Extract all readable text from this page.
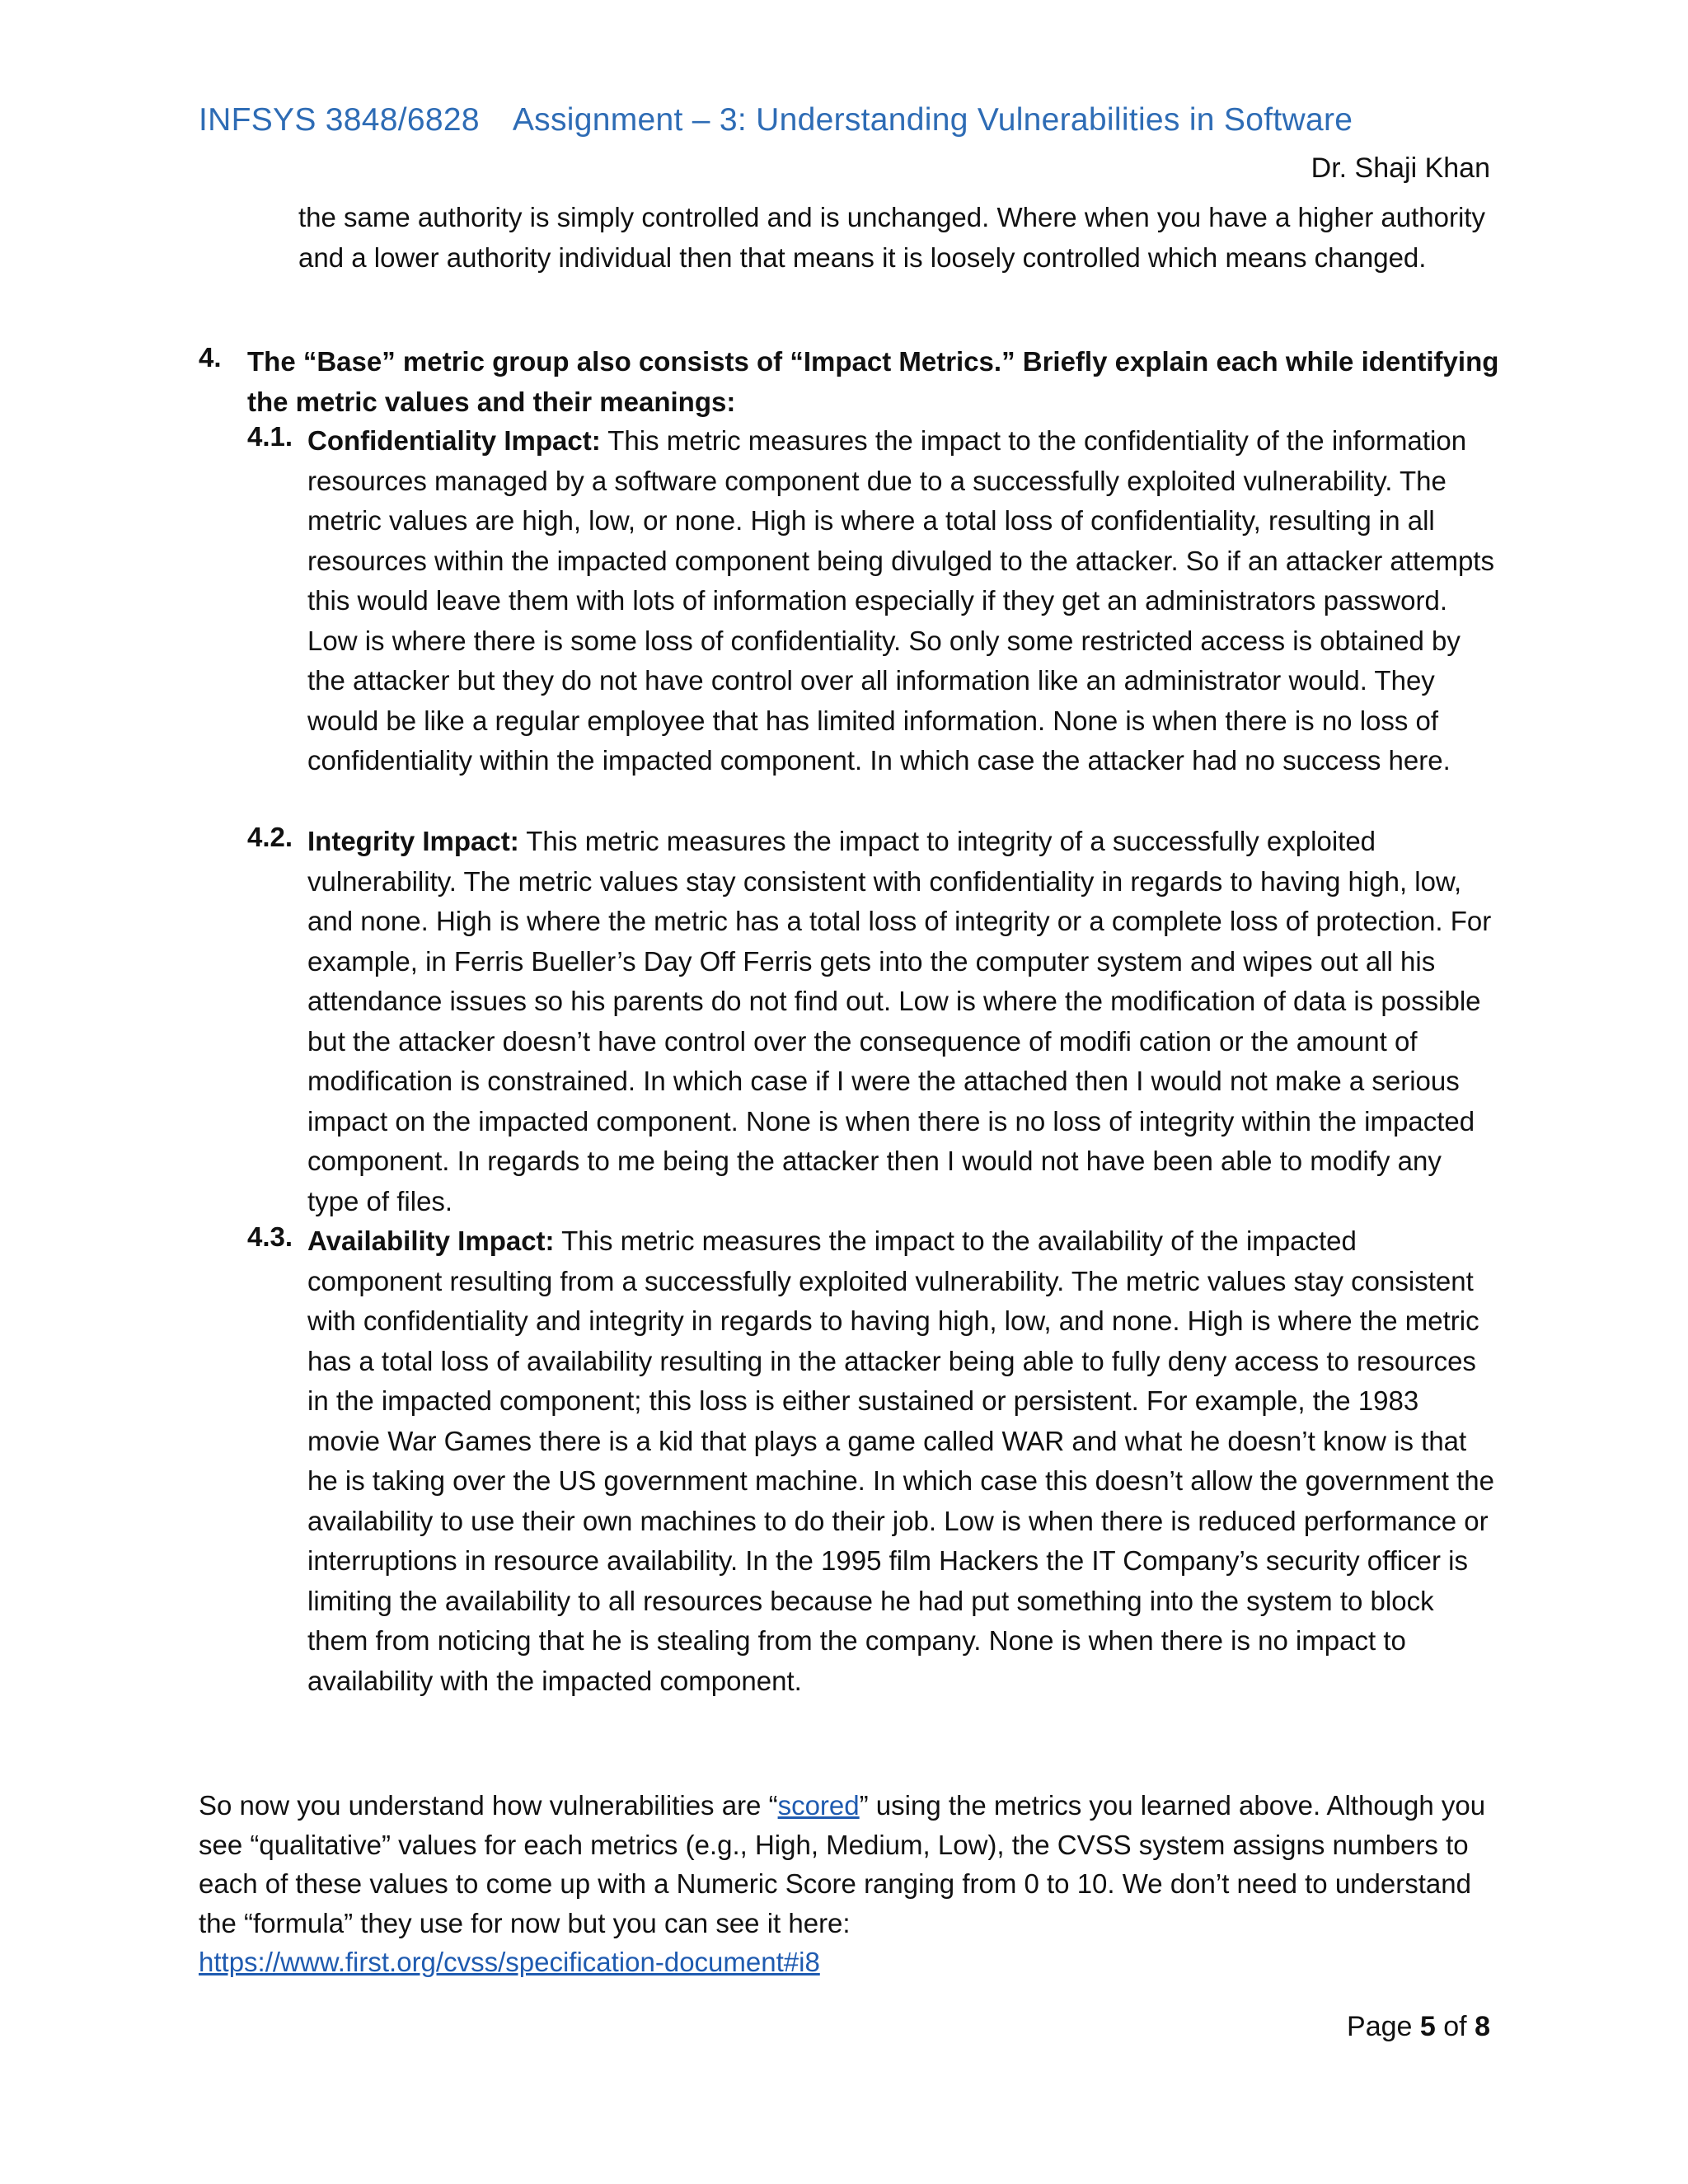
INFSYS 3848/6828 Assignment – 3: Understanding Vulnerabilities in Software
Dr. Shaji Khan
the same authority is simply controlled and is unchanged. Where when you have a higher authority and a lower authority individual then that means it is loosely controlled which means changed.
4. The “Base” metric group also consists of “Impact Metrics.” Briefly explain each while identifying the metric values and their meanings:
4.1. Confidentiality Impact: This metric measures the impact to the confidentiality of the information resources managed by a software component due to a successfully exploited vulnerability. The metric values are high, low, or none. High is where a total loss of confidentiality, resulting in all resources within the impacted component being divulged to the attacker. So if an attacker attempts this would leave them with lots of information especially if they get an administrators password. Low is where there is some loss of confidentiality. So only some restricted access is obtained by the attacker but they do not have control over all information like an administrator would. They would be like a regular employee that has limited information. None is when there is no loss of confidentiality within the impacted component. In which case the attacker had no success here.
4.2. Integrity Impact: This metric measures the impact to integrity of a successfully exploited vulnerability. The metric values stay consistent with confidentiality in regards to having high, low, and none. High is where the metric has a total loss of integrity or a complete loss of protection. For example, in Ferris Bueller’s Day Off Ferris gets into the computer system and wipes out all his attendance issues so his parents do not find out. Low is where the modification of data is possible but the attacker doesn’t have control over the consequence of modifi cation or the amount of modification is constrained. In which case if I were the attached then I would not make a serious impact on the impacted component. None is when there is no loss of integrity within the impacted component. In regards to me being the attacker then I would not have been able to modify any type of files.
4.3. Availability Impact: This metric measures the impact to the availability of the impacted component resulting from a successfully exploited vulnerability. The metric values stay consistent with confidentiality and integrity in regards to having high, low, and none. High is where the metric has a total loss of availability resulting in the attacker being able to fully deny access to resources in the impacted component; this loss is either sustained or persistent. For example, the 1983 movie War Games there is a kid that plays a game called WAR and what he doesn’t know is that he is taking over the US government machine. In which case this doesn’t allow the government the availability to use their own machines to do their job. Low is when there is reduced performance or interruptions in resource availability. In the 1995 film Hackers the IT Company’s security officer is limiting the availability to all resources because he had put something into the system to block them from noticing that he is stealing from the company. None is when there is no impact to availability with the impacted component.
So now you understand how vulnerabilities are “scored” using the metrics you learned above. Although you see “qualitative” values for each metrics (e.g., High, Medium, Low), the CVSS system assigns numbers to each of these values to come up with a Numeric Score ranging from 0 to 10. We don’t need to understand the “formula” they use for now but you can see it here:
https://www.first.org/cvss/specification-document#i8
Page 5 of 8
